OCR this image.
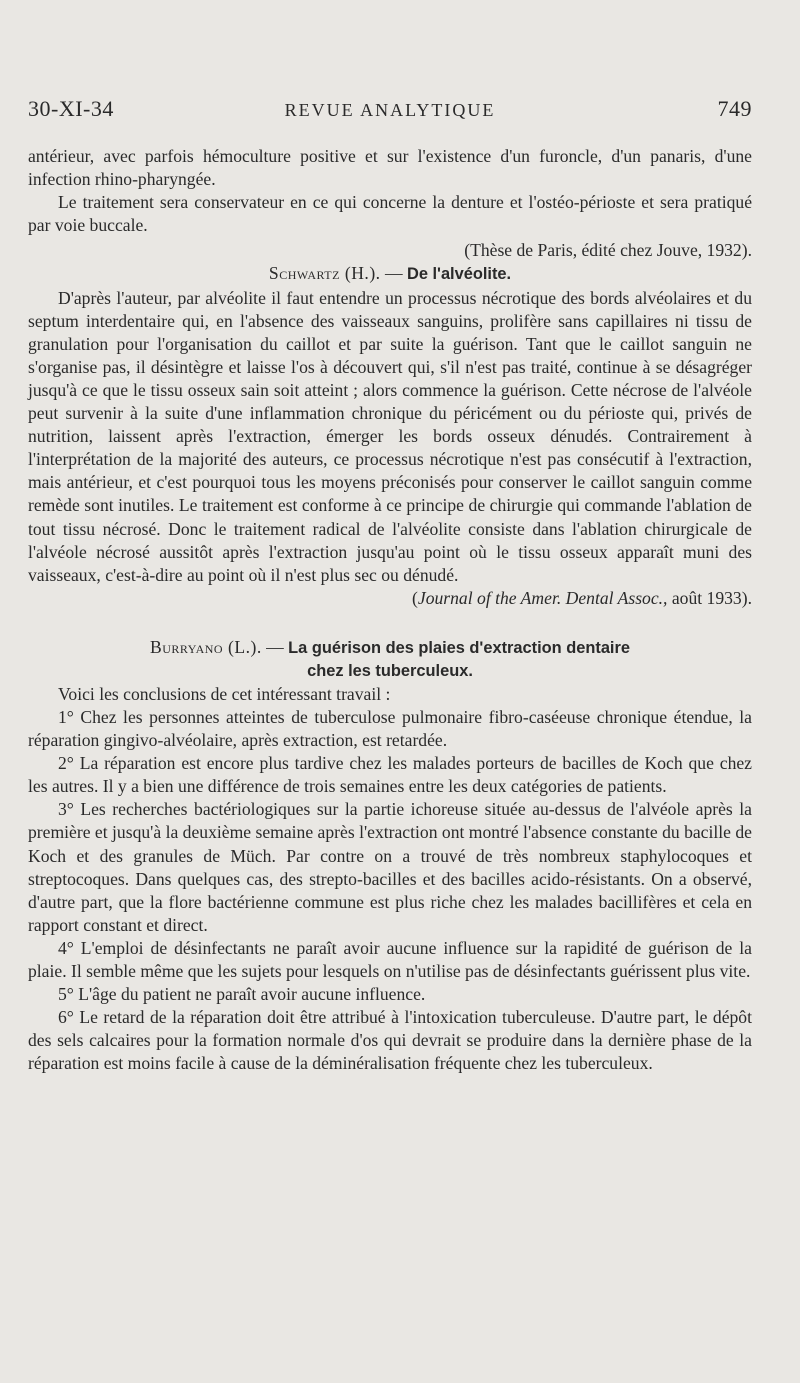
30-XI-34	REVUE ANALYTIQUE	749

antérieur, avec parfois hémoculture positive et sur l'existence d'un furoncle, d'un panaris, d'une infection rhino-pharyngée.

Le traitement sera conservateur en ce qui concerne la denture et l'ostéo-périoste et sera pratiqué par voie buccale.

(Thèse de Paris, édité chez Jouve, 1932).

Schwartz (H.). — De l'alvéolite.

D'après l'auteur, par alvéolite il faut entendre un processus nécrotique des bords alvéolaires et du septum interdentaire qui, en l'absence des vaisseaux sanguins, prolifère sans capillaires ni tissu de granulation pour l'organisation du caillot et par suite la guérison. Tant que le caillot sanguin ne s'organise pas, il désintègre et laisse l'os à découvert qui, s'il n'est pas traité, continue à se désagréger jusqu'à ce que le tissu osseux sain soit atteint ; alors commence la guérison. Cette nécrose de l'alvéole peut survenir à la suite d'une inflammation chronique du péricément ou du périoste qui, privés de nutrition, laissent après l'extraction, émerger les bords osseux dénudés. Contrairement à l'interprétation de la majorité des auteurs, ce processus nécrotique n'est pas consécutif à l'extraction, mais antérieur, et c'est pourquoi tous les moyens préconisés pour conserver le caillot sanguin comme remède sont inutiles. Le traitement est conforme à ce principe de chirurgie qui commande l'ablation de tout tissu nécrosé. Donc le traitement radical de l'alvéolite consiste dans l'ablation chirurgicale de l'alvéole nécrosé aussitôt après l'extraction jusqu'au point où le tissu osseux apparaît muni des vaisseaux, c'est-à-dire au point où il n'est plus sec ou dénudé.

(Journal of the Amer. Dental Assoc., août 1933).

Burryano (L.). — La guérison des plaies d'extraction dentaire
chez les tuberculeux.

Voici les conclusions de cet intéressant travail :

1° Chez les personnes atteintes de tuberculose pulmonaire fibro-caséeuse chronique étendue, la réparation gingivo-alvéolaire, après extraction, est retardée.

2° La réparation est encore plus tardive chez les malades porteurs de bacilles de Koch que chez les autres. Il y a bien une différence de trois semaines entre les deux catégories de patients.

3° Les recherches bactériologiques sur la partie ichoreuse située au-dessus de l'alvéole après la première et jusqu'à la deuxième semaine après l'extraction ont montré l'absence constante du bacille de Koch et des granules de Müch. Par contre on a trouvé de très nombreux staphylocoques et streptocoques. Dans quelques cas, des strepto-bacilles et des bacilles acido-résistants. On a observé, d'autre part, que la flore bactérienne commune est plus riche chez les malades bacillifères et cela en rapport constant et direct.

4° L'emploi de désinfectants ne paraît avoir aucune influence sur la rapidité de guérison de la plaie. Il semble même que les sujets pour lesquels on n'utilise pas de désinfectants guérissent plus vite.

5° L'âge du patient ne paraît avoir aucune influence.

6° Le retard de la réparation doit être attribué à l'intoxication tuberculeuse. D'autre part, le dépôt des sels calcaires pour la formation normale d'os qui devrait se produire dans la dernière phase de la réparation est moins facile à cause de la déminéralisation fréquente chez les tuberculeux.
